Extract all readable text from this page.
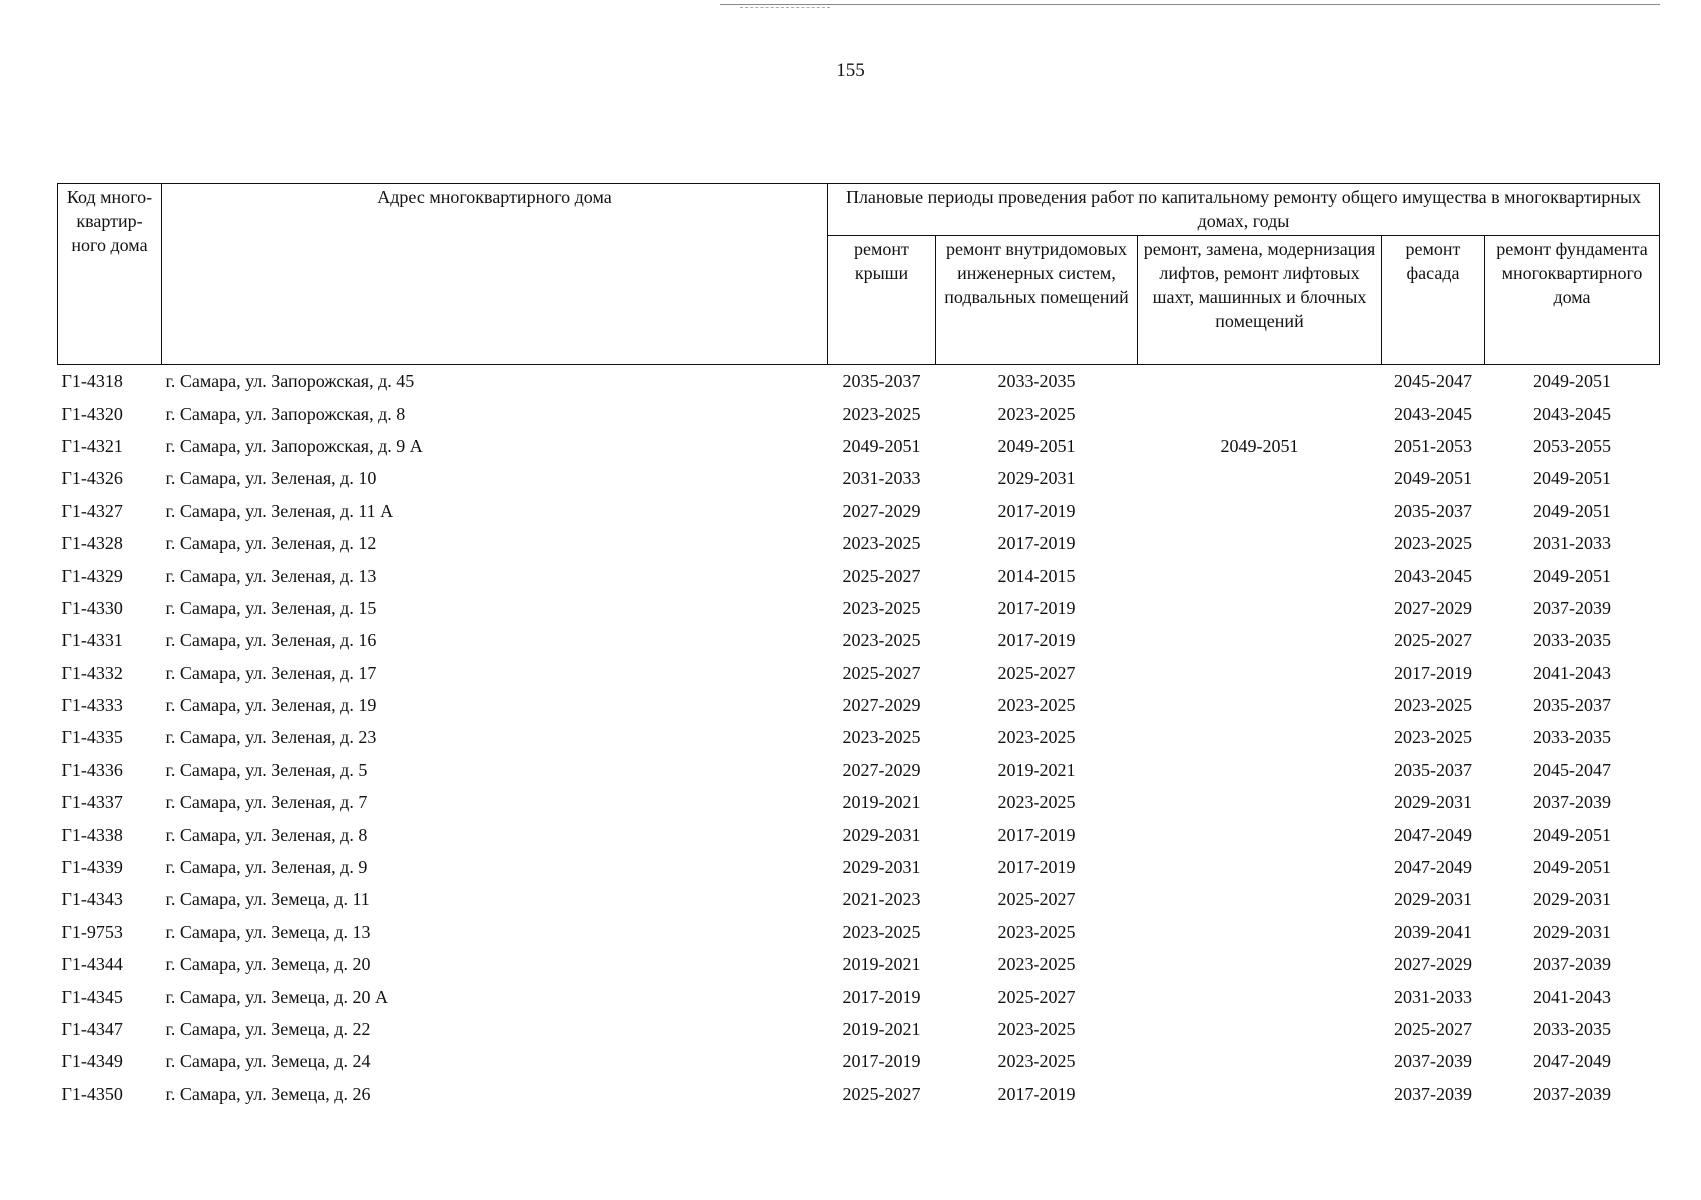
155
Код много-квартир-ного дома	Адрес многоквартирного дома	Плановые периоды проведения работ по капитальному ремонту общего имущества в многоквартирных домах, годы				
		ремонт крыши	ремонт внутридомовых инженерных систем, подвальных помещений	ремонт, замена, модернизация лифтов, ремонт лифтовых шахт, машинных и блочных помещений	ремонт фасада	ремонт фундамента многоквартирного дома
Г1-4318	г. Самара, ул. Запорожская, д. 45	2035-2037	2033-2035		2045-2047	2049-2051
Г1-4320	г. Самара, ул. Запорожская, д. 8	2023-2025	2023-2025		2043-2045	2043-2045
Г1-4321	г. Самара, ул. Запорожская, д. 9 А	2049-2051	2049-2051	2049-2051	2051-2053	2053-2055
Г1-4326	г. Самара, ул. Зеленая, д. 10	2031-2033	2029-2031		2049-2051	2049-2051
Г1-4327	г. Самара, ул. Зеленая, д. 11 А	2027-2029	2017-2019		2035-2037	2049-2051
Г1-4328	г. Самара, ул. Зеленая, д. 12	2023-2025	2017-2019		2023-2025	2031-2033
Г1-4329	г. Самара, ул. Зеленая, д. 13	2025-2027	2014-2015		2043-2045	2049-2051
Г1-4330	г. Самара, ул. Зеленая, д. 15	2023-2025	2017-2019		2027-2029	2037-2039
Г1-4331	г. Самара, ул. Зеленая, д. 16	2023-2025	2017-2019		2025-2027	2033-2035
Г1-4332	г. Самара, ул. Зеленая, д. 17	2025-2027	2025-2027		2017-2019	2041-2043
Г1-4333	г. Самара, ул. Зеленая, д. 19	2027-2029	2023-2025		2023-2025	2035-2037
Г1-4335	г. Самара, ул. Зеленая, д. 23	2023-2025	2023-2025		2023-2025	2033-2035
Г1-4336	г. Самара, ул. Зеленая, д. 5	2027-2029	2019-2021		2035-2037	2045-2047
Г1-4337	г. Самара, ул. Зеленая, д. 7	2019-2021	2023-2025		2029-2031	2037-2039
Г1-4338	г. Самара, ул. Зеленая, д. 8	2029-2031	2017-2019		2047-2049	2049-2051
Г1-4339	г. Самара, ул. Зеленая, д. 9	2029-2031	2017-2019		2047-2049	2049-2051
Г1-4343	г. Самара, ул. Земеца, д. 11	2021-2023	2025-2027		2029-2031	2029-2031
Г1-9753	г. Самара, ул. Земеца, д. 13	2023-2025	2023-2025		2039-2041	2029-2031
Г1-4344	г. Самара, ул. Земеца, д. 20	2019-2021	2023-2025		2027-2029	2037-2039
Г1-4345	г. Самара, ул. Земеца, д. 20 А	2017-2019	2025-2027		2031-2033	2041-2043
Г1-4347	г. Самара, ул. Земеца, д. 22	2019-2021	2023-2025		2025-2027	2033-2035
Г1-4349	г. Самара, ул. Земеца, д. 24	2017-2019	2023-2025		2037-2039	2047-2049
Г1-4350	г. Самара, ул. Земеца, д. 26	2025-2027	2017-2019		2037-2039	2037-2039
